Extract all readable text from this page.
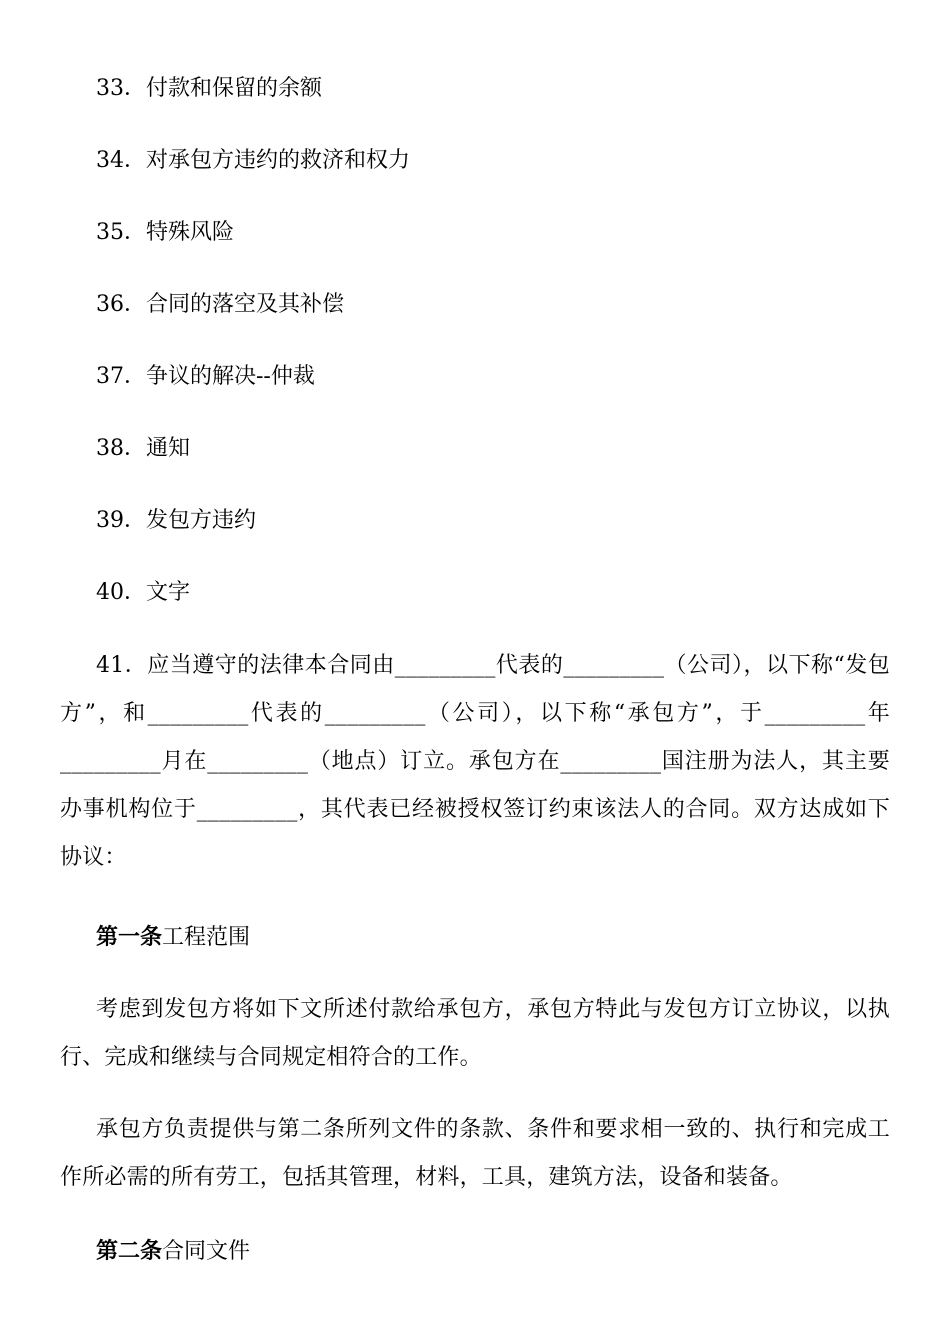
33．付款和保留的余额
34．对承包方违约的救济和权力
35．特殊风险
36．合同的落空及其补偿
37．争议的解决--仲裁
38．通知
39．发包方违约
40．文字
41．应当遵守的法律本合同由_________代表的_________（公司），以下称“发包方”，和_________代表的_________（公司），以下称“承包方”，于_________年_________月在_________（地点）订立。承包方在_________国注册为法人，其主要办事机构位于_________，其代表已经被授权签订约束该法人的合同。双方达成如下协议：
第一条工程范围
考虑到发包方将如下文所述付款给承包方，承包方特此与发包方订立协议，以执行、完成和继续与合同规定相符合的工作。
承包方负责提供与第二条所列文件的条款、条件和要求相一致的、执行和完成工作所必需的所有劳工，包括其管理，材料，工具，建筑方法，设备和装备。
第二条合同文件
